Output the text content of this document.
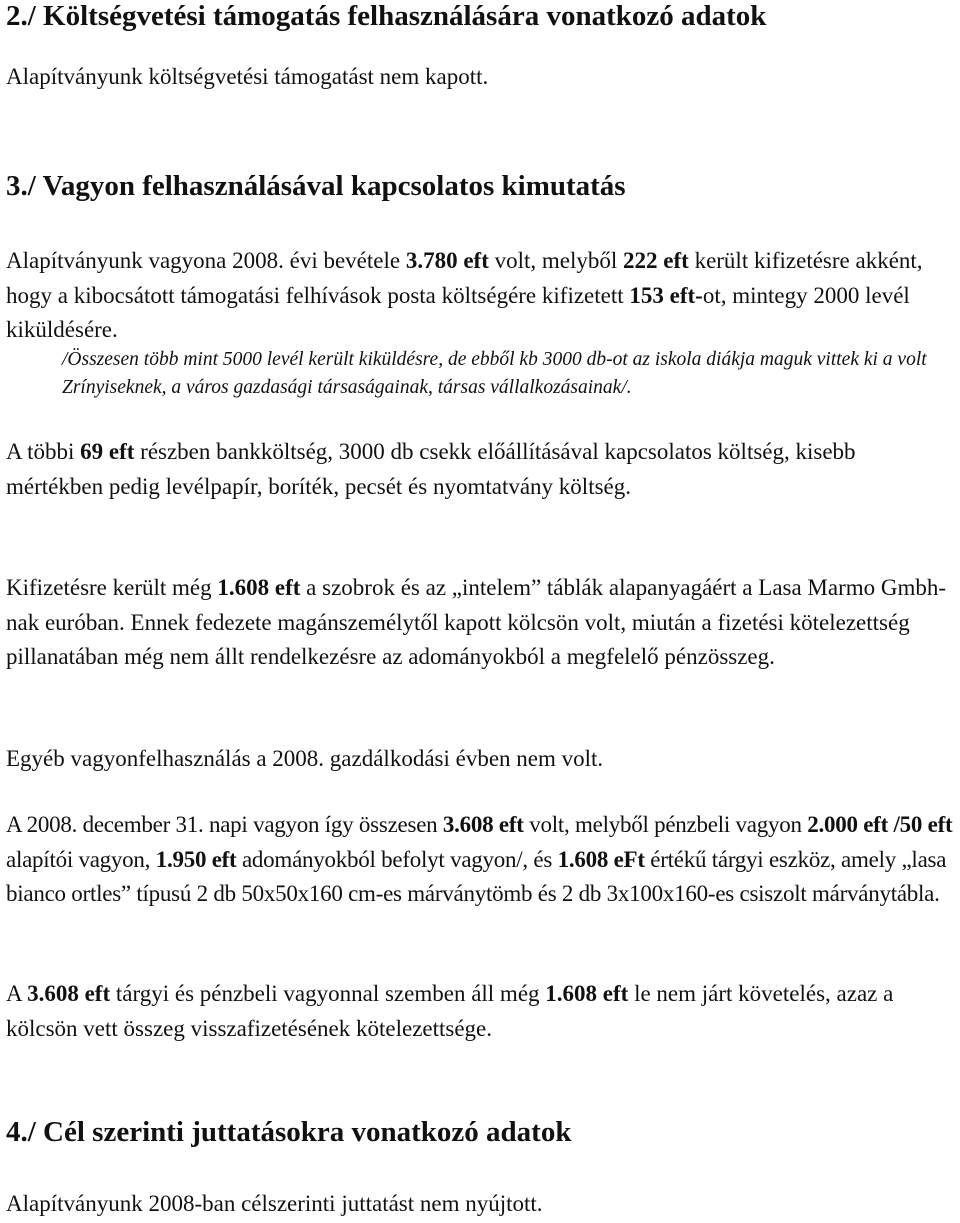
2./ Költségvetési támogatás felhasználására vonatkozó adatok
Alapítványunk költségvetési támogatást nem kapott.
3./ Vagyon felhasználásával kapcsolatos kimutatás
Alapítványunk vagyona 2008. évi bevétele 3.780 eft volt, melyből 222 eft került kifizetésre akként, hogy a kibocsátott támogatási felhívások posta költségére kifizetett 153 eft-ot, mintegy 2000 levél kiküldésére.
/Összesen több mint 5000 levél került kiküldésre, de ebből kb 3000 db-ot az iskola diákja maguk vittek ki a volt Zrínyiseknek, a város gazdasági társaságainak, társas vállalkozásainak/.
A többi 69 eft részben bankköltség, 3000 db csekk előállításával kapcsolatos költség, kisebb mértékben pedig levélpapír, boríték, pecsét és nyomtatvány költség.
Kifizetésre került még 1.608 eft a szobrok és az „intelem” táblák alapanyagáért a Lasa Marmo Gmbh-nak euróban. Ennek fedezete magánszemélytől kapott kölcsön volt, miután a fizetési kötelezettség pillanatában még nem állt rendelkezésre az adományokból a megfelelő pénzösszeg.
Egyéb vagyonfelhasználás a 2008. gazdálkodási évben nem volt.
A 2008. december 31. napi vagyon így összesen 3.608 eft volt, melyből pénzbeli vagyon 2.000 eft /50 eft alapítói vagyon, 1.950 eft adományokból befolyt vagyon/, és 1.608 eFt értékű tárgyi eszköz, amely „lasa bianco ortles” típusú 2 db 50x50x160 cm-es márványtömb és 2 db 3x100x160-es csiszolt márványtábla.
A 3.608 eft tárgyi és pénzbeli vagyonnal szemben áll még 1.608 eft le nem járt követelés, azaz a kölcsön vett összeg visszafizetésének kötelezettsége.
4./ Cél szerinti juttatásokra vonatkozó adatok
Alapítványunk 2008-ban célszerinti juttatást nem nyújtott.
